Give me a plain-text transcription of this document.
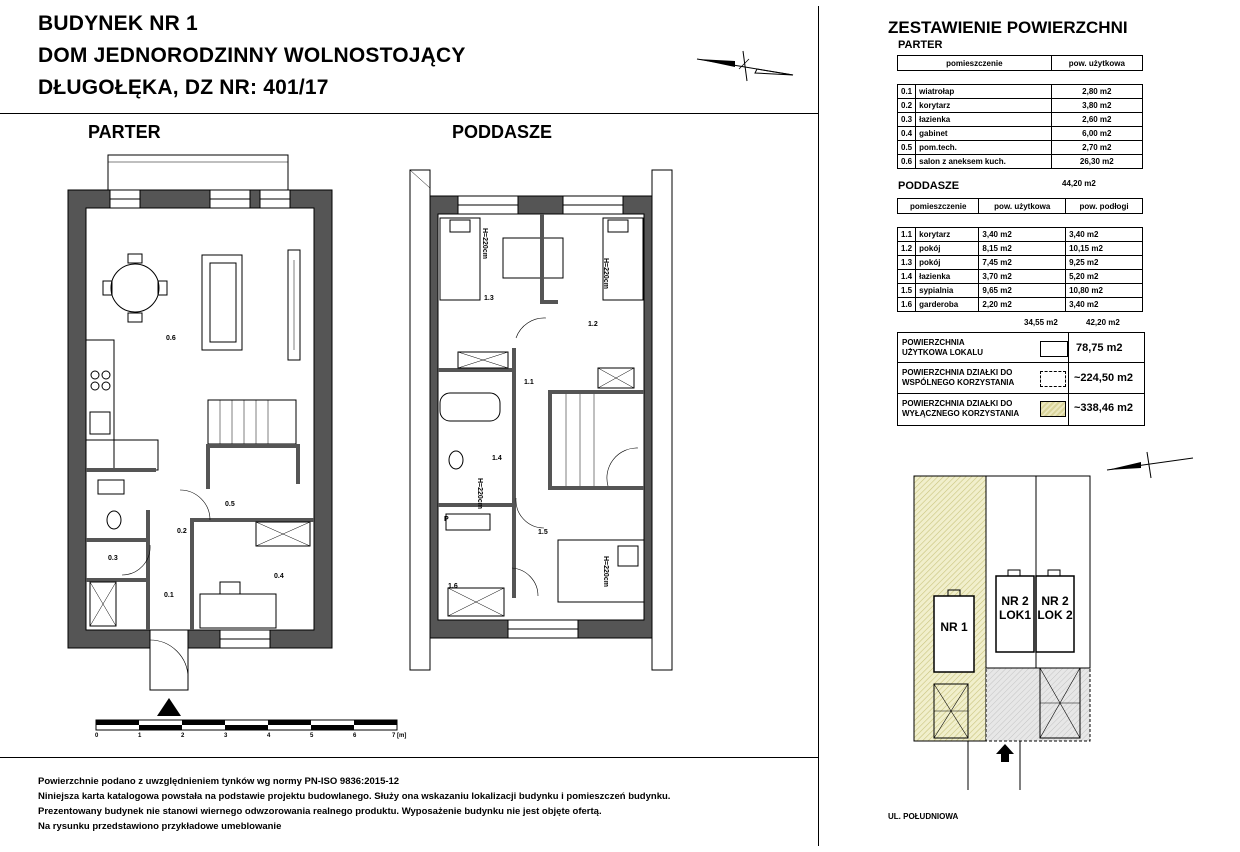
BUDYNEK NR 1
DOM JEDNORODZINNY WOLNOSTOJĄCY
DŁUGOŁĘKA, DZ NR: 401/17
PARTER	PODDASZE
0.6
0.5
0.2
0.3
0.4
0.1
0	1	2	3	4	5	6	7 [m]
1.3
1.2
1.1
1.4
1.5
1.6
P
H=220cm
H=220cm
H=220cm
H=220cm
ZESTAWIENIE POWIERZCHNI
PARTER
pomieszczenie		pow. użytkowa

0.1	wiatrołap	2,80 m2
0.2	korytarz	3,80 m2
0.3	łazienka	2,60 m2
0.4	gabinet	6,00 m2
0.5	pom.tech.	2,70 m2
0.6	salon z aneksem kuch.	26,30 m2
44,20 m2
PODDASZE
pomieszczenie		pow. użytkowa	pow. podłogi

1.1	korytarz	3,40 m2	3,40 m2
1.2	pokój	8,15 m2	10,15 m2
1.3	pokój	7,45 m2	9,25 m2
1.4	łazienka	3,70 m2	5,20 m2
1.5	sypialnia	9,65 m2	10,80 m2
1.6	garderoba	2,20 m2	3,40 m2
34,55 m2	42,20 m2
POWIERZCHNIA
UŻYTKOWA LOKALU	78,75 m2
POWIERZCHNIA DZIAŁKI DO
WSPÓLNEGO KORZYSTANIA	~224,50 m2
POWIERZCHNIA DZIAŁKI DO
WYŁĄCZNEGO KORZYSTANIA	~338,46 m2
NR 1
NR 2
LOK1
NR 2
LOK 2
UL. POŁUDNIOWA
Powierzchnie podano z uwzględnieniem tynków wg normy PN-ISO 9836:2015-12
Niniejsza karta katalogowa powstała na podstawie projektu budowlanego. Służy ona wskazaniu lokalizacji budynku i pomieszczeń budynku.
Prezentowany budynek nie stanowi wiernego odwzorowania realnego produktu. Wyposażenie budynku nie jest objęte ofertą.
Na rysunku przedstawiono przykładowe umeblowanie
